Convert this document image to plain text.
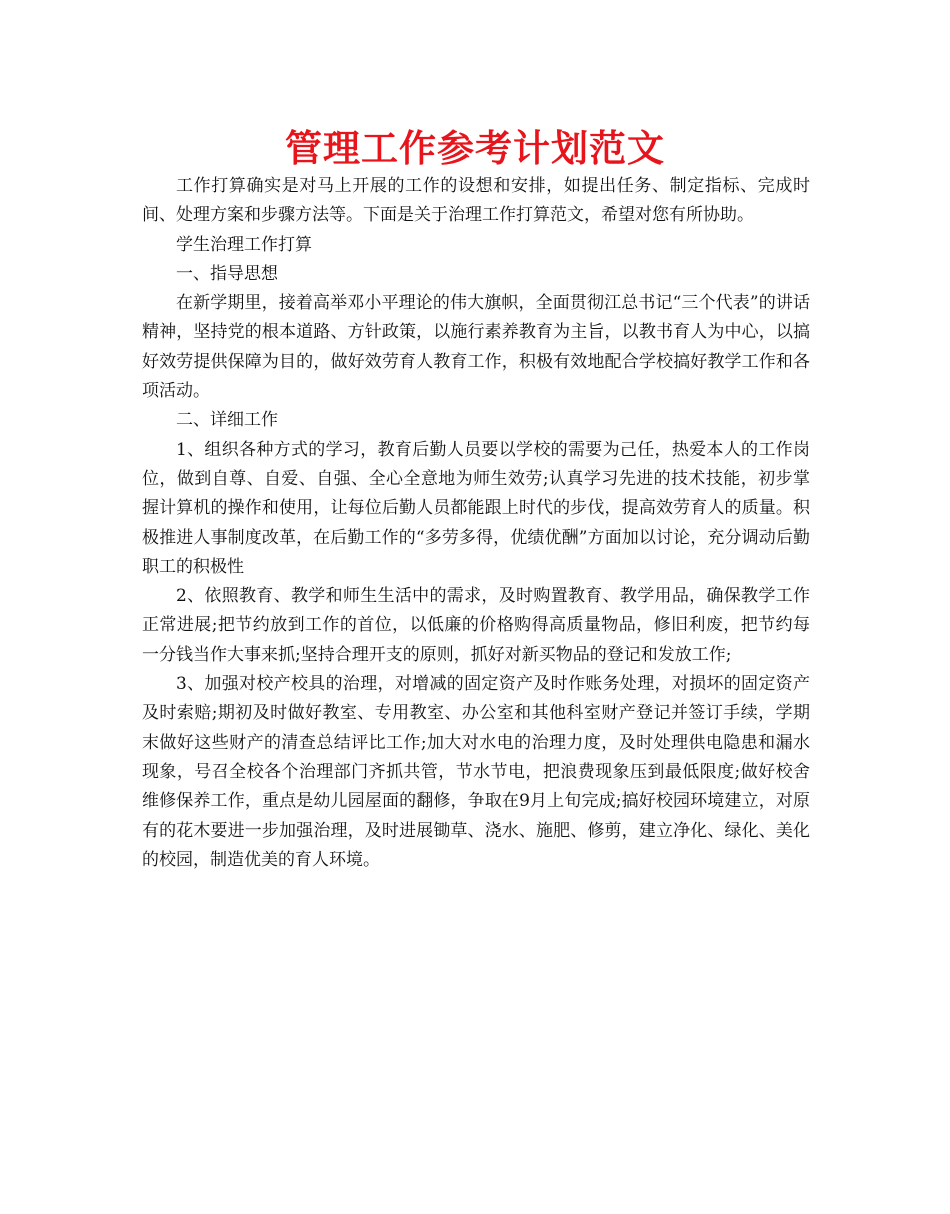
管理工作参考计划范文

工作打算确实是对马上开展的工作的设想和安排，如提出任务、制定指标、完成时间、处理方案和步骤方法等。下面是关于治理工作打算范文，希望对您有所协助。

学生治理工作打算

一、指导思想

在新学期里，接着高举邓小平理论的伟大旗帜，全面贯彻江总书记“三个代表”的讲话精神，坚持党的根本道路、方针政策，以施行素养教育为主旨，以教书育人为中心，以搞好效劳提供保障为目的，做好效劳育人教育工作，积极有效地配合学校搞好教学工作和各项活动。

二、详细工作

1、组织各种方式的学习，教育后勤人员要以学校的需要为己任，热爱本人的工作岗位，做到自尊、自爱、自强、全心全意地为师生效劳;认真学习先进的技术技能，初步掌握计算机的操作和使用，让每位后勤人员都能跟上时代的步伐，提高效劳育人的质量。积极推进人事制度改革，在后勤工作的“多劳多得，优绩优酬”方面加以讨论，充分调动后勤职工的积极性

2、依照教育、教学和师生生活中的需求，及时购置教育、教学用品，确保教学工作正常进展;把节约放到工作的首位，以低廉的价格购得高质量物品，修旧利废，把节约每一分钱当作大事来抓;坚持合理开支的原则，抓好对新买物品的登记和发放工作;

3、加强对校产校具的治理，对增减的固定资产及时作账务处理，对损坏的固定资产及时索赔;期初及时做好教室、专用教室、办公室和其他科室财产登记并签订手续，学期末做好这些财产的清查总结评比工作;加大对水电的治理力度，及时处理供电隐患和漏水现象，号召全校各个治理部门齐抓共管，节水节电，把浪费现象压到最低限度;做好校舍维修保养工作，重点是幼儿园屋面的翻修，争取在9月上旬完成;搞好校园环境建立，对原有的花木要进一步加强治理，及时进展锄草、浇水、施肥、修剪，建立净化、绿化、美化的校园，制造优美的育人环境。
